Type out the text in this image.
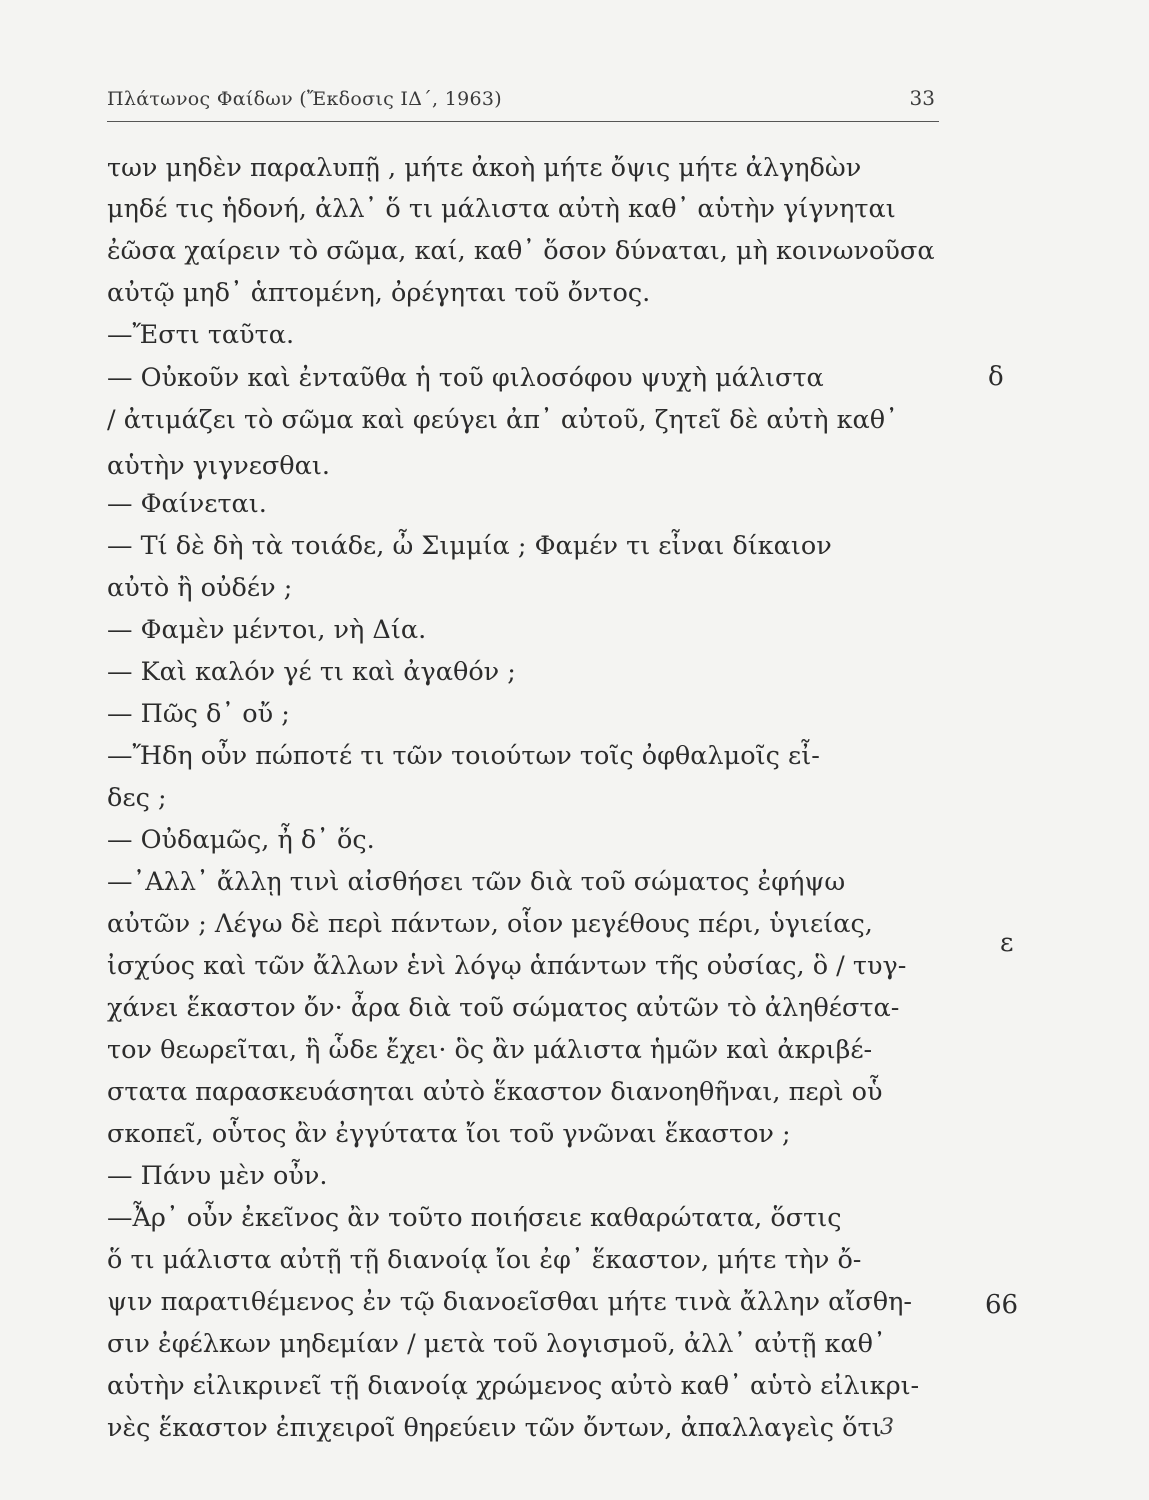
Πλάτωνος Φαίδων (Ἔκδοσις ΙΔ΄, 1963)	33
των μηδὲν παραλυπῇ , μήτε ἀκοὴ μήτε ὄψις μήτε ἀλγηδὼν
μηδέ τις ἡδονή, ἀλλ᾽ ὅ τι μάλιστα αὐτὴ καθ᾽ αὑτὴν γίγνηται
ἐῶσα χαίρειν τὸ σῶμα, καί, καθ᾽ ὅσον δύναται, μὴ κοινωνοῦσα
αὐτῷ μηδ᾽ ἁπτομένη, ὀρέγηται τοῦ ὄντος.
—Ἔστι ταῦτα.
— Οὐκοῦν καὶ ἐνταῦθα ἡ τοῦ φιλοσόφου ψυχὴ μάλιστα
/ ἀτιμάζει τὸ σῶμα καὶ φεύγει ἀπ᾽ αὐτοῦ, ζητεῖ δὲ αὐτὴ καθ᾽
αὑτὴν γιγνεσθαι.
— Φαίνεται.
— Τί δὲ δὴ τὰ τοιάδε, ὦ Σιμμία ; Φαμέν τι εἶναι δίκαιον
αὐτὸ ἢ οὐδέν ;
— Φαμὲν μέντοι, νὴ Δία.
— Καὶ καλόν γέ τι καὶ ἀγαθόν ;
— Πῶς δ᾽ οὔ ;
—Ἤδη οὖν πώποτέ τι τῶν τοιούτων τοῖς ὀφθαλμοῖς εἶ-
δες ;
— Οὐδαμῶς, ἦ δ᾽ ὅς.
—᾽Αλλ᾽ ἄλλῃ τινὶ αἰσθήσει τῶν διὰ τοῦ σώματος ἐφήψω
αὐτῶν ; Λέγω δὲ περὶ πάντων, οἷον μεγέθους πέρι, ὑγιείας,
ἰσχύος καὶ τῶν ἄλλων ἑνὶ λόγῳ ἁπάντων τῆς οὐσίας, ὃ / τυγ-
χάνει ἕκαστον ὄν· ἆρα διὰ τοῦ σώματος αὐτῶν τὸ ἀληθέστα-
τον θεωρεῖται, ἢ ὧδε ἔχει· ὃς ἂν μάλιστα ἡμῶν καὶ ἀκριβέ-
στατα παρασκευάσηται αὐτὸ ἕκαστον διανοηθῆναι, περὶ οὗ
σκοπεῖ, οὗτος ἂν ἐγγύτατα ἴοι τοῦ γνῶναι ἕκαστον ;
— Πάνυ μὲν οὖν.
—Ἆρ᾽ οὖν ἐκεῖνος ἂν τοῦτο ποιήσειε καθαρώτατα, ὅστις
ὅ τι μάλιστα αὐτῇ τῇ διανοίᾳ ἴοι ἐφ᾽ ἕκαστον, μήτε τὴν ὄ-
ψιν παρατιθέμενος ἐν τῷ διανοεῖσθαι μήτε τινὰ ἄλλην αἴσθη-
σιν ἐφέλκων μηδεμίαν / μετὰ τοῦ λογισμοῦ, ἀλλ᾽ αὐτῇ καθ᾽
αὑτὴν εἰλικρινεῖ τῇ διανοίᾳ χρώμενος αὐτὸ καθ᾽ αὑτὸ εἰλικρι-
νὲς ἕκαστον ἐπιχειροῖ θηρεύειν τῶν ὄντων, ἀπαλλαγεὶς ὅτι
δ
ε
66
3
